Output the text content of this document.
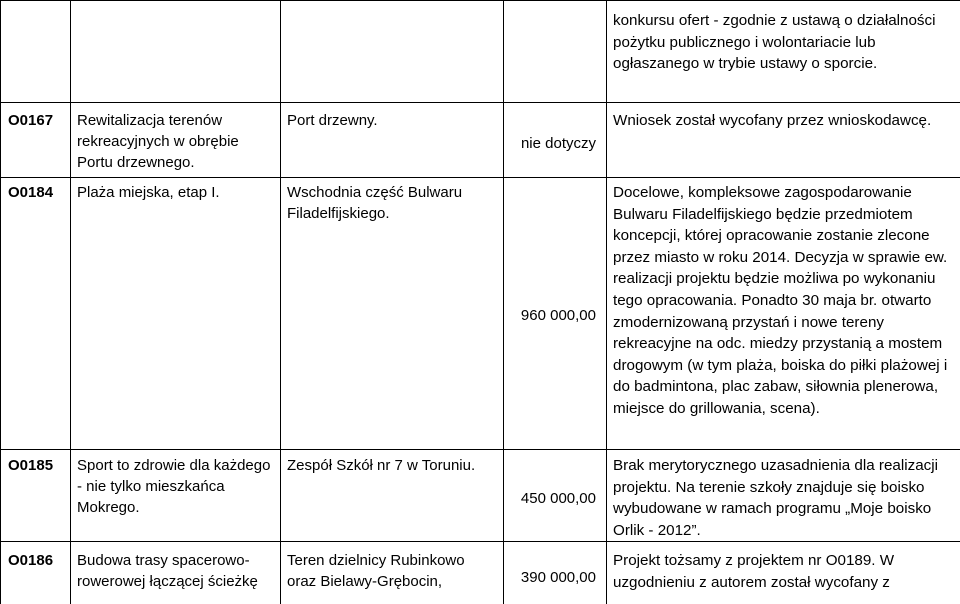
				konkursu ofert - zgodnie z ustawą o działalności pożytku publicznego i wolontariacie lub ogłaszanego w trybie ustawy o sporcie.
O0167	Rewitalizacja terenów rekreacyjnych w obrębie Portu drzewnego.	Port drzewny.	nie dotyczy	Wniosek został wycofany przez wnioskodawcę.
O0184	Plaża miejska, etap I.	Wschodnia część Bulwaru Filadelfijskiego.	960 000,00	Docelowe, kompleksowe zagospodarowanie Bulwaru Filadelfijskiego będzie przedmiotem koncepcji, której opracowanie zostanie zlecone przez miasto w roku 2014. Decyzja w sprawie ew. realizacji projektu będzie możliwa po wykonaniu tego opracowania. Ponadto 30 maja br. otwarto zmodernizowaną przystań i nowe tereny rekreacyjne na odc. miedzy przystanią a mostem drogowym (w tym plaża, boiska do piłki plażowej i do badmintona, plac zabaw, siłownia plenerowa, miejsce do grillowania, scena).
O0185	Sport to zdrowie dla każdego - nie tylko mieszkańca Mokrego.	Zespół Szkół nr 7 w Toruniu.	450 000,00	Brak merytorycznego uzasadnienia dla realizacji projektu. Na terenie szkoły znajduje się boisko wybudowane w ramach programu „Moje boisko Orlik - 2012”.
O0186	Budowa trasy spacerowo-rowerowej łączącej ścieżkę	Teren dzielnicy Rubinkowo oraz Bielawy-Grębocin,	390 000,00	Projekt tożsamy z projektem nr O0189. W uzgodnieniu z autorem został wycofany z
